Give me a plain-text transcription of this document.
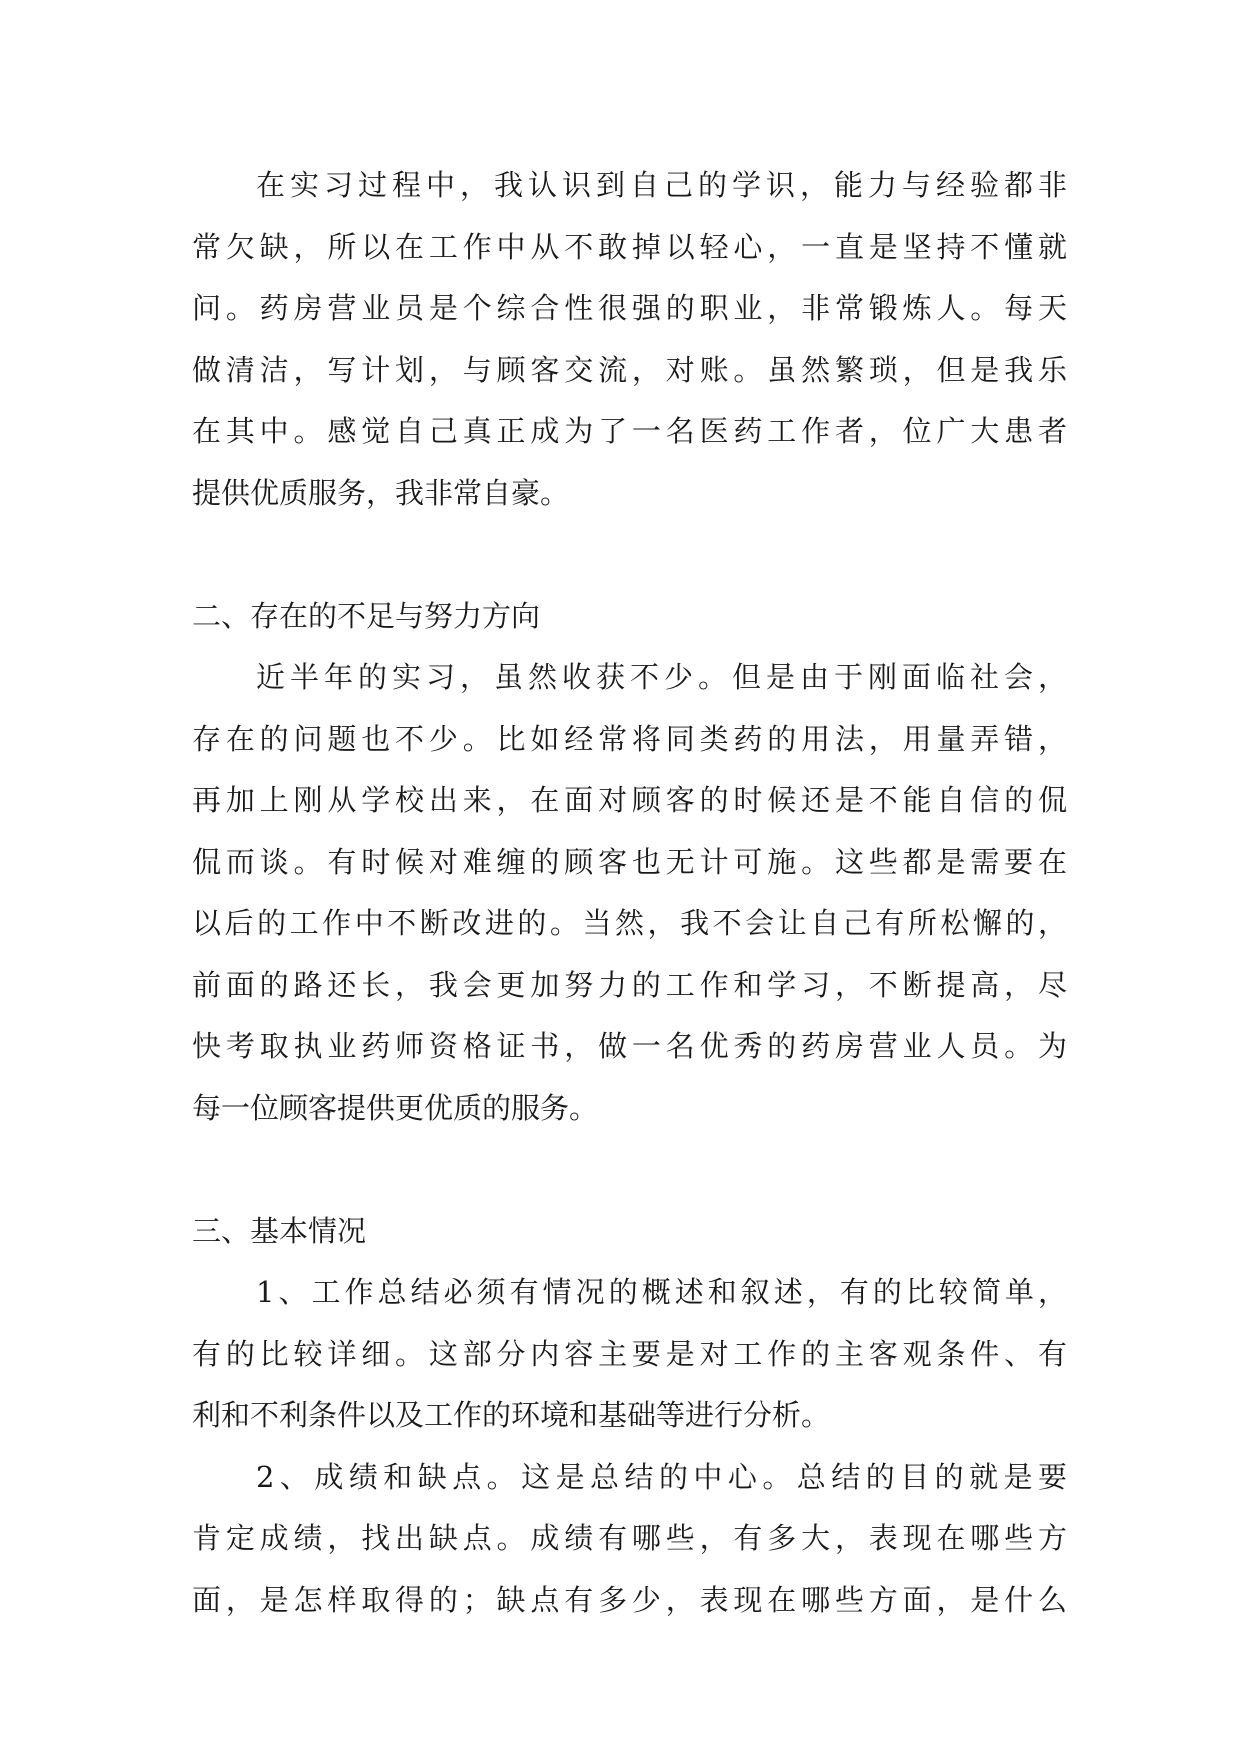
在实习过程中，我认识到自己的学识，能力与经验都非
常欠缺，所以在工作中从不敢掉以轻心，一直是坚持不懂就
问。药房营业员是个综合性很强的职业，非常锻炼人。每天
做清洁，写计划，与顾客交流，对账。虽然繁琐，但是我乐
在其中。感觉自己真正成为了一名医药工作者，位广大患者
提供优质服务，我非常自豪。
二、存在的不足与努力方向
近半年的实习，虽然收获不少。但是由于刚面临社会，
存在的问题也不少。比如经常将同类药的用法，用量弄错，
再加上刚从学校出来，在面对顾客的时候还是不能自信的侃
侃而谈。有时候对难缠的顾客也无计可施。这些都是需要在
以后的工作中不断改进的。当然，我不会让自己有所松懈的，
前面的路还长，我会更加努力的工作和学习，不断提高，尽
快考取执业药师资格证书，做一名优秀的药房营业人员。为
每一位顾客提供更优质的服务。
三、基本情况
1、工作总结必须有情况的概述和叙述，有的比较简单，
有的比较详细。这部分内容主要是对工作的主客观条件、有
利和不利条件以及工作的环境和基础等进行分析。
2、成绩和缺点。这是总结的中心。总结的目的就是要
肯定成绩，找出缺点。成绩有哪些，有多大，表现在哪些方
面，是怎样取得的；缺点有多少，表现在哪些方面，是什么
